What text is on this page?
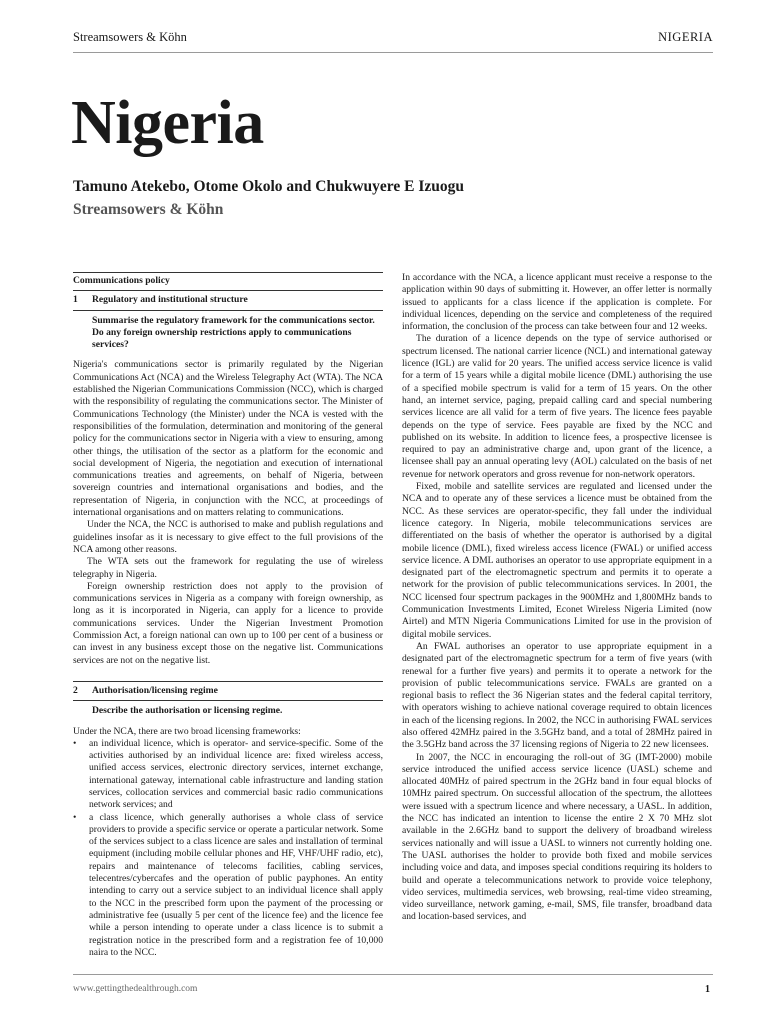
Streamsowers & Köhn	NIGERIA
Nigeria
Tamuno Atekebo, Otome Okolo and Chukwuyere E Izuogu
Streamsowers & Köhn
Communications policy
1	Regulatory and institutional structure
Summarise the regulatory framework for the communications sector. Do any foreign ownership restrictions apply to communications services?

Nigeria's communications sector is primarily regulated by the Nigerian Communications Act (NCA) and the Wireless Telegraphy Act (WTA). The NCA established the Nigerian Communications Commission (NCC), which is charged with the responsibility of regulating the communications sector. The Minister of Communications Technology (the Minister) under the NCA is vested with the responsibilities of the formulation, determination and monitoring of the general policy for the communications sector in Nigeria with a view to ensuring, among other things, the utilisation of the sector as a platform for the economic and social development of Nigeria, the negotiation and execution of international communications treaties and agreements, on behalf of Nigeria, between sovereign countries and international organisations and bodies, and the representation of Nigeria, in conjunction with the NCC, at proceedings of international organisations and on matters relating to communications.

Under the NCA, the NCC is authorised to make and publish regulations and guidelines insofar as it is necessary to give effect to the full provisions of the NCA among other reasons.

The WTA sets out the framework for regulating the use of wireless telegraphy in Nigeria.

Foreign ownership restriction does not apply to the provision of communications services in Nigeria as a company with foreign ownership, as long as it is incorporated in Nigeria, can apply for a licence to provide communications services. Under the Nigerian Investment Promotion Commission Act, a foreign national can own up to 100 per cent of a business or can invest in any business except those on the negative list. Communications services are not on the negative list.

2	Authorisation/licensing regime
Describe the authorisation or licensing regime.

Under the NCA, there are two broad licensing frameworks:

• an individual licence, which is operator- and service-specific. Some of the activities authorised by an individual licence are: fixed wireless access, unified access services, electronic directory services, internet exchange, international gateway, international cable infrastructure and landing station services, collocation services and commercial basic radio communications network services; and
• a class licence, which generally authorises a whole class of service providers to provide a specific service or operate a particular network. Some of the services subject to a class licence are sales and installation of terminal equipment (including mobile cellular phones and HF, VHF/UHF radio, etc), repairs and maintenance of telecoms facilities, cabling services, telecentres/cybercafes and the operation of public payphones. An entity intending to carry out a service subject to an individual licence shall apply to the NCC in the prescribed form upon the payment of the processing or administrative fee (usually 5 per cent of the licence fee) and the licence fee while a person intending to operate under a class licence is to submit a registration notice in the prescribed form and a registration fee of 10,000 naira to the NCC.

In accordance with the NCA, a licence applicant must receive a response to the application within 90 days of submitting it. However, an offer letter is normally issued to applicants for a class licence if the application is complete. For individual licences, depending on the service and completeness of the required information, the conclusion of the process can take between four and 12 weeks.

The duration of a licence depends on the type of service authorised or spectrum licensed. The national carrier licence (NCL) and international gateway licence (IGL) are valid for 20 years. The unified access service licence is valid for a term of 15 years while a digital mobile licence (DML) authorising the use of a specified mobile spectrum is valid for a term of 15 years. On the other hand, an internet service, paging, prepaid calling card and special numbering services licence are all valid for a term of five years. The licence fees payable depends on the type of service. Fees payable are fixed by the NCC and published on its website. In addition to licence fees, a prospective licensee is required to pay an administrative charge and, upon grant of the licence, a licensee shall pay an annual operating levy (AOL) calculated on the basis of net revenue for network operators and gross revenue for non-network operators.

Fixed, mobile and satellite services are regulated and licensed under the NCA and to operate any of these services a licence must be obtained from the NCC. As these services are operator-specific, they fall under the individual licence category. In Nigeria, mobile telecommunications services are differentiated on the basis of whether the operator is authorised by a digital mobile licence (DML), fixed wireless access licence (FWAL) or unified access service licence. A DML authorises an operator to use appropriate equipment in a designated part of the electromagnetic spectrum and permits it to operate a network for the provision of public telecommunications services. In 2001, the NCC licensed four spectrum packages in the 900MHz and 1,800MHz bands to Communication Investments Limited, Econet Wireless Nigeria Limited (now Airtel) and MTN Nigeria Communications Limited for use in the provision of digital mobile services.

An FWAL authorises an operator to use appropriate equipment in a designated part of the electromagnetic spectrum for a term of five years (with renewal for a further five years) and permits it to operate a network for the provision of public telecommunications service. FWALs are granted on a regional basis to reflect the 36 Nigerian states and the federal capital territory, with operators wishing to achieve national coverage required to obtain licences in each of the licensing regions. In 2002, the NCC in authorising FWAL services also offered 42MHz paired in the 3.5GHz band, and a total of 28MHz paired in the 3.5GHz band across the 37 licensing regions of Nigeria to 22 new licensees.

In 2007, the NCC in encouraging the roll-out of 3G (IMT-2000) mobile service introduced the unified access service licence (UASL) scheme and allocated 40MHz of paired spectrum in the 2GHz band in four equal blocks of 10MHz paired spectrum. On successful allocation of the spectrum, the allottees were issued with a spectrum licence and where necessary, a UASL. In addition, the NCC has indicated an intention to license the entire 2 X 70 MHz slot available in the 2.6GHz band to support the delivery of broadband wireless services nationally and will issue a UASL to winners not currently holding one. The UASL authorises the holder to provide both fixed and mobile services including voice and data, and imposes special conditions requiring its holders to build and operate a telecommunications network to provide voice telephony, video services, multimedia services, web browsing, real-time video streaming, video surveillance, network gaming, e-mail, SMS, file transfer, broadband data and location-based services, and

www.gettingthedealthrough.com	1
